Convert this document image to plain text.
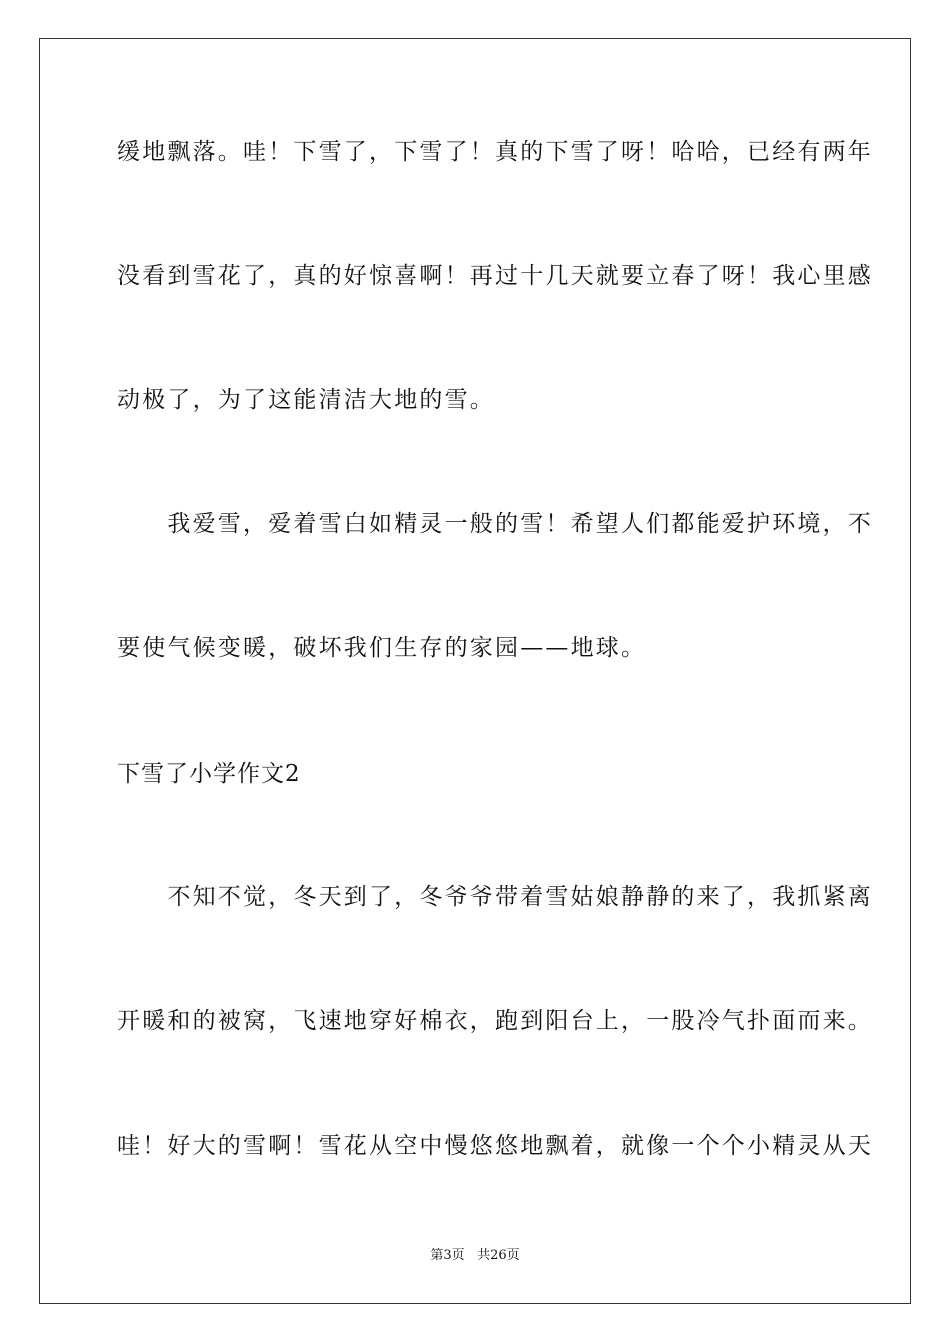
缓地飘落。哇！下雪了，下雪了！真的下雪了呀！哈哈，已经有两年
没看到雪花了，真的好惊喜啊！再过十几天就要立春了呀！我心里感
动极了，为了这能清洁大地的雪。
　　我爱雪，爱着雪白如精灵一般的雪！希望人们都能爱护环境，不
要使气候变暖，破坏我们生存的家园——地球。
下雪了小学作文2
　　不知不觉，冬天到了，冬爷爷带着雪姑娘静静的来了，我抓紧离
开暖和的被窝，飞速地穿好棉衣，跑到阳台上，一股冷气扑面而来。
哇！好大的雪啊！雪花从空中慢悠悠地飘着，就像一个个小精灵从天
第3页 共26页
